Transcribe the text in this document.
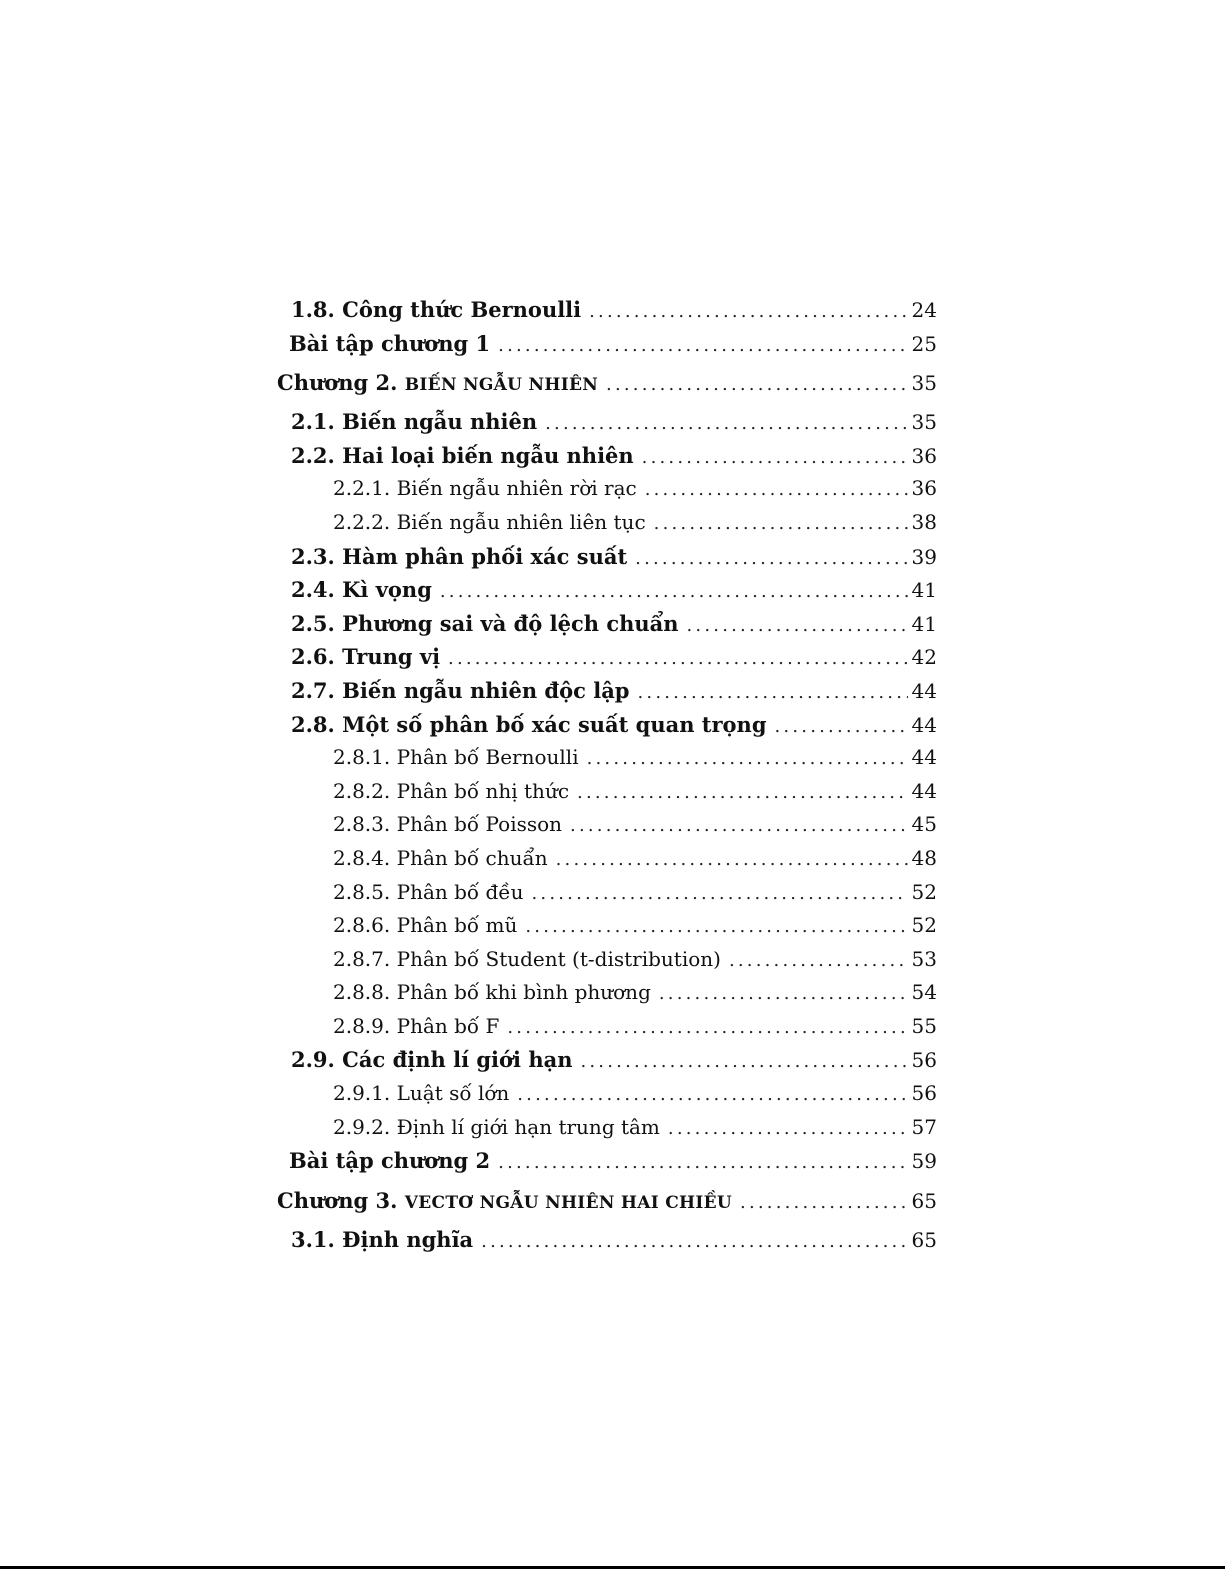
1.8. Công thức Bernoulli .....	24
Bài tập chương 1 .....	25
Chương 2. BIẾN NGẪU NHIÊN .....	35
2.1. Biến ngẫu nhiên .....	35
2.2. Hai loại biến ngẫu nhiên .....	36
2.2.1. Biến ngẫu nhiên rời rạc .....	36
2.2.2. Biến ngẫu nhiên liên tục .....	38
2.3. Hàm phân phối xác suất .....	39
2.4. Kì vọng .....	41
2.5. Phương sai và độ lệch chuẩn .....	41
2.6. Trung vị .....	42
2.7. Biến ngẫu nhiên độc lập .....	44
2.8. Một số phân bố xác suất quan trọng .....	44
2.8.1. Phân bố Bernoulli .....	44
2.8.2. Phân bố nhị thức .....	44
2.8.3. Phân bố Poisson .....	45
2.8.4. Phân bố chuẩn .....	48
2.8.5. Phân bố đều .....	52
2.8.6. Phân bố mũ .....	52
2.8.7. Phân bố Student (t-distribution) .....	53
2.8.8. Phân bố khi bình phương .....	54
2.8.9. Phân bố F .....	55
2.9. Các định lí giới hạn .....	56
2.9.1. Luật số lớn .....	56
2.9.2. Định lí giới hạn trung tâm .....	57
Bài tập chương 2 .....	59
Chương 3. VECTƠ NGẪU NHIÊN HAI CHIỀU .....	65
3.1. Định nghĩa .....	65
